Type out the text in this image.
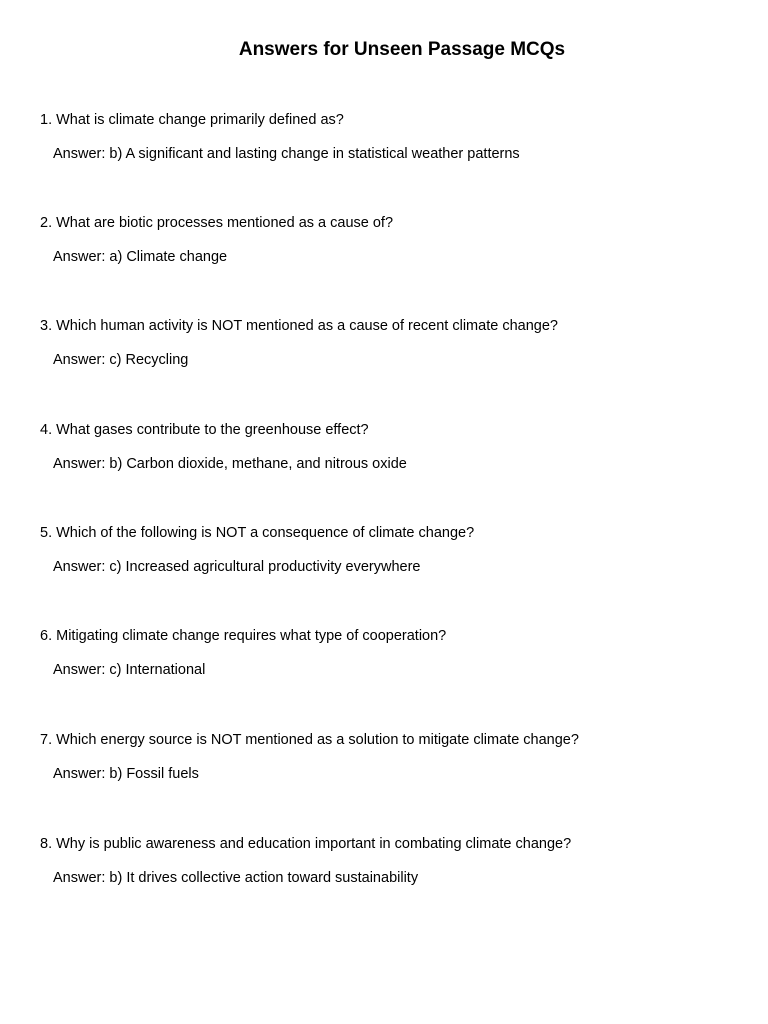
Answers for Unseen Passage MCQs

1. What is climate change primarily defined as?

Answer: b) A significant and lasting change in statistical weather patterns

2. What are biotic processes mentioned as a cause of?

Answer: a) Climate change

3. Which human activity is NOT mentioned as a cause of recent climate change?

Answer: c) Recycling

4. What gases contribute to the greenhouse effect?

Answer: b) Carbon dioxide, methane, and nitrous oxide

5. Which of the following is NOT a consequence of climate change?

Answer: c) Increased agricultural productivity everywhere

6. Mitigating climate change requires what type of cooperation?

Answer: c) International

7. Which energy source is NOT mentioned as a solution to mitigate climate change?

Answer: b) Fossil fuels

8. Why is public awareness and education important in combating climate change?

Answer: b) It drives collective action toward sustainability
